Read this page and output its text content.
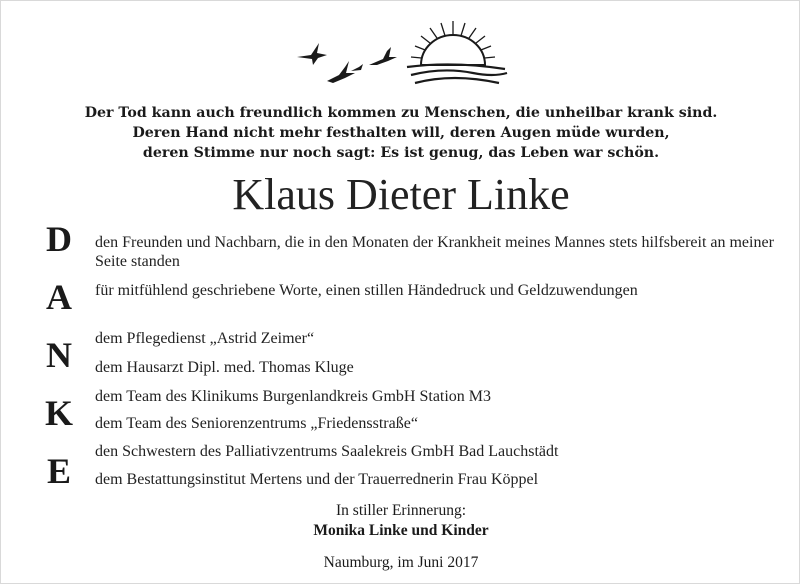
Der Tod kann auch freundlich kommen zu Menschen, die unheilbar krank sind.
Deren Hand nicht mehr festhalten will, deren Augen müde wurden,
deren Stimme nur noch sagt: Es ist genug, das Leben war schön.
Klaus Dieter Linke
D
A
N
K
E
den Freunden und Nachbarn, die in den Monaten der Krankheit meines Mannes stets hilfsbereit an meiner Seite standen
für mitfühlend geschriebene Worte, einen stillen Händedruck und Geldzuwendungen
dem Pflegedienst „Astrid Zeimer“
dem Hausarzt Dipl. med. Thomas Kluge
dem Team des Klinikums Burgenlandkreis GmbH Station M3
dem Team des Seniorenzentrums „Friedensstraße“
den Schwestern des Palliativzentrums Saalekreis GmbH Bad Lauchstädt
dem Bestattungsinstitut Mertens und der Trauerrednerin Frau Köppel
In stiller Erinnerung:
Monika Linke und Kinder
Naumburg, im Juni 2017
